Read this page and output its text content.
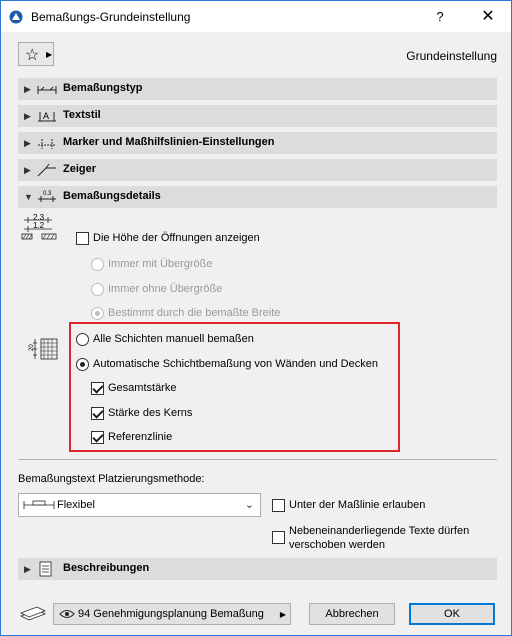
Bemaßungs-Grundeinstellung	?	✕
☆ ▶	Grundeinstellung
▶	Bemaßungstyp
▶ A Textstil
▶	Marker und Maßhilfslinien-Einstellungen
▶	Zeiger
▼ 0.3 Bemaßungsdetails
2.3
1.2
Die Höhe der Öffnungen anzeigen
Immer mit Übergröße
Immer ohne Übergröße
Bestimmt durch die bemaßte Breite
20
Alle Schichten manuell bemaßen
Automatische Schichtbemaßung von Wänden und Decken
Gesamtstärke
Stärke des Kerns
Referenzlinie
Bemaßungstext Platzierungsmethode:
Flexibel	⌄	Unter der Maßlinie erlauben
Nebeneinanderliegende Texte dürfen verschoben werden
▶	Beschreibungen
94 Genehmigungsplanung Bemaßung ▶	Abbrechen	OK
